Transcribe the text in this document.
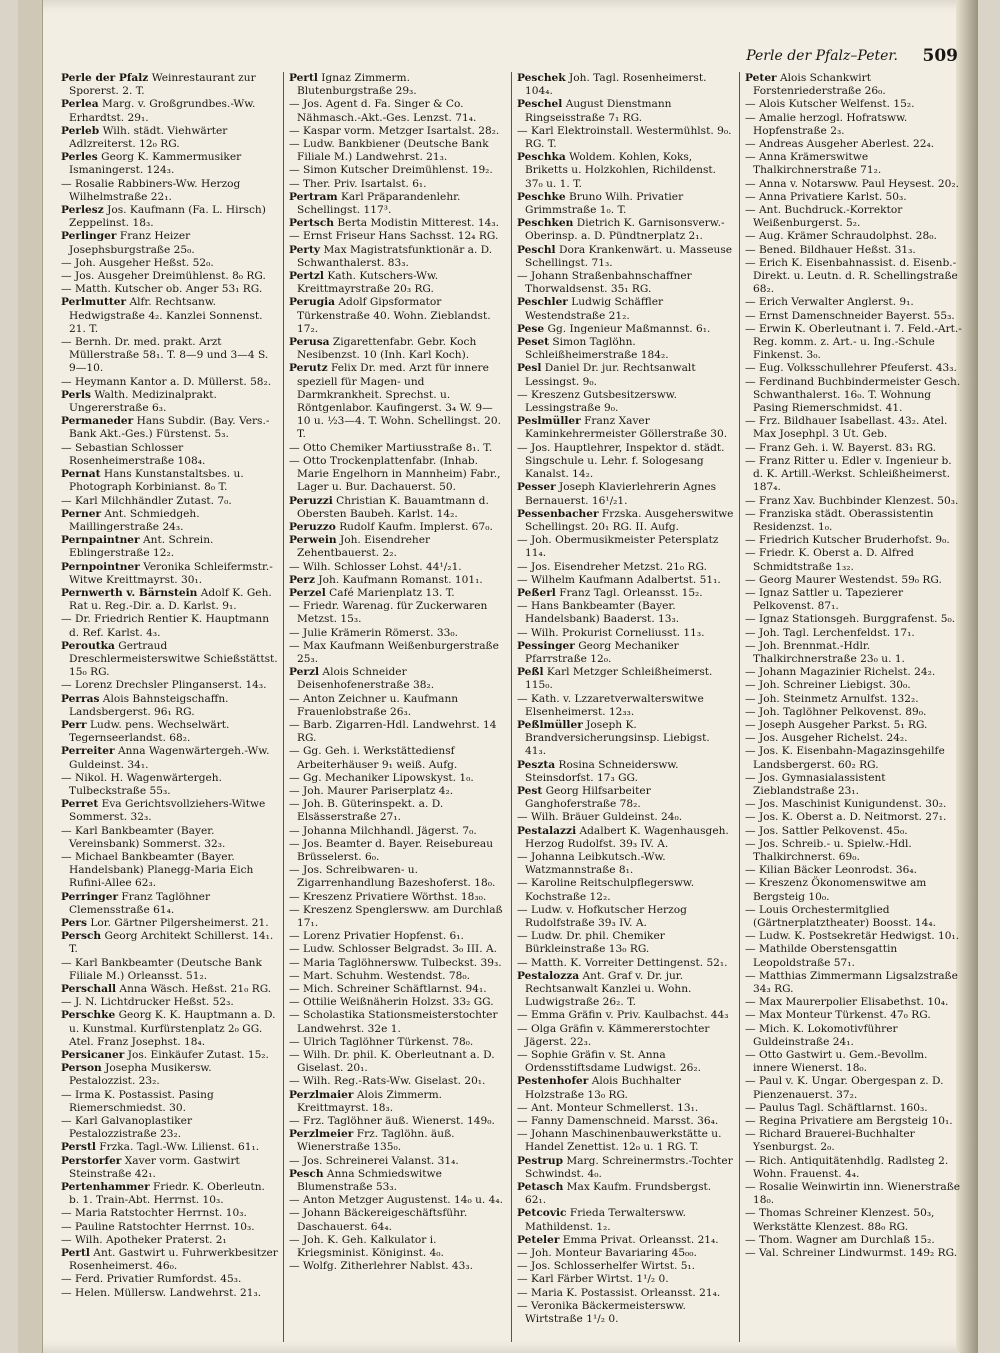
Perle der Pfalz–Peter. 509

Perle der Pfalz Weinrestaurant zur Sporerst. 2. T.

Perlea Marg. v. Großgrundbes.-Ww. Erhardtst. 29₁.

Perleb Wilh. städt. Viehwärter Adlzreiterst. 12₀ RG.

Perles Georg K. Kammermusiker Ismaningerst. 124₃.

— Rosalie Rabbiners-Ww. Herzog Wilhelmstraße 22₁.

Perlesz Jos. Kaufmann (Fa. L. Hirsch) Zeppelinst. 18₃.

Perlinger Franz Heizer Josephsburgstraße 25₀.

— Joh. Ausgeher Heßst. 52₀.

— Jos. Ausgeher Dreimühlenst. 8₀ RG.

— Matth. Kutscher ob. Anger 53₁ RG.

Perlmutter Alfr. Rechtsanw. Hedwigstraße 4₂. Kanzlei Sonnenst. 21. T.

— Bernh. Dr. med. prakt. Arzt Müllerstraße 58₁. T. 8—9 und 3—4 S. 9—10.

— Heymann Kantor a. D. Müllerst. 58₂.

Perls Walth. Medizinalprakt. Ungererstraße 6₃.

Permaneder Hans Subdir. (Bay. Vers.-Bank Akt.-Ges.) Fürstenst. 5₃.

— Sebastian Schlosser Rosenheimerstraße 108₄.

Pernat Hans Kunstanstaltsbes. u. Photograph Korbinianst. 8₀ T.

— Karl Milchhändler Zutast. 7₀.

Perner Ant. Schmiedgeh. Maillingerstraße 24₃.

Pernpaintner Ant. Schrein. Eblingerstraße 12₂.

Pernpointner Veronika Schleifermstr.-Witwe Kreittmayrst. 30₁.

Pernwerth v. Bärnstein Adolf K. Geh. Rat u. Reg.-Dir. a. D. Karlst. 9₁.

— Dr. Friedrich Rentier K. Hauptmann d. Ref. Karlst. 4₃.

Peroutka Gertraud Dreschlermeisterswitwe Schießstättst. 15₀ RG.

— Lorenz Drechsler Plinganserst. 14₃.

Perras Alois Bahnsteigschaffn. Landsbergerst. 96₁ RG.

Perr Ludw. pens. Wechselwärt. Tegernseerlandst. 68₂.

Perreiter Anna Wagenwärtergeh.-Ww. Guldeinst. 34₁.

— Nikol. H. Wagenwärtergeh. Tulbeckstraße 55₃.

Perret Eva Gerichtsvollziehers-Witwe Sommerst. 32₃.

— Karl Bankbeamter (Bayer. Vereinsbank) Sommerst. 32₃.

— Michael Bankbeamter (Bayer. Handelsbank) Planegg-Maria Eich Rufini-Allee 62₃.

Perringer Franz Taglöhner Clemensstraße 61₄.

Pers Lor. Gärtner Pilgersheimerst. 21.

Persch Georg Architekt Schillerst. 14₁. T.

— Karl Bankbeamter (Deutsche Bank Filiale M.) Orleansst. 51₂.

Perschall Anna Wäsch. Heßst. 21₀ RG.

— J. N. Lichtdrucker Heßst. 52₃.

Perschke Georg K. K. Hauptmann a. D. u. Kunstmal. Kurfürstenplatz 2₀ GG. Atel. Franz Josephst. 18₄.

Persicaner Jos. Einkäufer Zutast. 15₂.

Person Josepha Musikersw. Pestalozzist. 23₂.

— Irma K. Postassist. Pasing Riemerschmiedst. 30.

— Karl Galvanoplastiker Pestalozzistraße 23₂.

Perstl Frzka. Tagl.-Ww. Lilienst. 61₁.

Perstorfer Xaver vorm. Gastwirt Steinstraße 42₁.

Pertenhammer Friedr. K. Oberleutn. b. 1. Train-Abt. Herrnst. 10₃.

— Maria Ratstochter Herrnst. 10₃.

— Pauline Ratstochter Herrnst. 10₃.

— Wilh. Apotheker Praterst. 2₁

Pertl Ant. Gastwirt u. Fuhrwerkbesitzer Rosenheimerst. 46₀.

— Ferd. Privatier Rumfordst. 45₃.

— Helen. Müllersw. Landwehrst. 21₃.

Pertl Ignaz Zimmerm. Blutenburgstraße 29₃.

— Jos. Agent d. Fa. Singer & Co. Nähmasch.-Akt.-Ges. Lenzst. 71₄.

— Kaspar vorm. Metzger Isartalst. 28₂.

— Ludw. Bankbiener (Deutsche Bank Filiale M.) Landwehrst. 21₃.

— Simon Kutscher Dreimühlenst. 19₂.

— Ther. Priv. Isartalst. 6₁.

Pertram Karl Präparandenlehr. Schellingst. 117³.

Pertsch Berta Modistin Mitterest. 14₃.

— Ernst Friseur Hans Sachsst. 12₄ RG.

Perty Max Magistratsfunktionär a. D. Schwanthalerst. 83₃.

Pertzl Kath. Kutschers-Ww. Kreittmayrstraße 20₃ RG.

Perugia Adolf Gipsformator Türkenstraße 40. Wohn. Zieblandst. 17₂.

Perusa Zigarettenfabr. Gebr. Koch Nesibenzst. 10 (Inh. Karl Koch).

Perutz Felix Dr. med. Arzt für innere speziell für Magen- und Darmkrankheit. Sprechst. u. Röntgenlabor. Kaufingerst. 3₄ W. 9—10 u. ½3—4. T. Wohn. Schellingst. 20. T.

— Otto Chemiker Martiusstraße 8₁. T.

— Otto Trockenplattenfabr. (Inhab. Marie Engelhorn in Mannheim) Fabr., Lager u. Bur. Dachauerst. 50.

Peruzzi Christian K. Bauamtmann d. Obersten Baubeh. Karlst. 14₂.

Peruzzo Rudolf Kaufm. Implerst. 67₀.

Perwein Joh. Eisendreher Zehentbauerst. 2₂.

— Wilh. Schlosser Lohst. 44¹/₂1.

Perz Joh. Kaufmann Romanst. 101₁.

Perzel Café Marienplatz 13. T.

— Friedr. Warenag. für Zuckerwaren Metzst. 15₃.

— Julie Krämerin Römerst. 33₀.

— Max Kaufmann Weißenburgerstraße 25₃.

Perzl Alois Schneider Deisenhofenerstraße 38₂.

— Anton Zeichner u. Kaufmann Frauenlobstraße 26₃.

— Barb. Zigarren-Hdl. Landwehrst. 14 RG.

— Gg. Geh. i. Werkstättediensf Arbeiterhäuser 9₁ weiß. Aufg.

— Gg. Mechaniker Lipowskyst. 1₀.

— Joh. Maurer Pariserplatz 4₂.

— Joh. B. Güterinspekt. a. D. Elsässerstraße 27₁.

— Johanna Milchhandl. Jägerst. 7₀.

— Jos. Beamter d. Bayer. Reisebureau Brüsselerst. 6₀.

— Jos. Schreibwaren- u. Zigarrenhandlung Bazeshoferst. 18₀.

— Kreszenz Privatiere Wörthst. 18₃₀.

— Kreszenz Spenglersww. am Durchlaß 17₁.

— Lorenz Privatier Hopfenst. 6₁.

— Ludw. Schlosser Belgradst. 3₀ III. A.

— Maria Taglöhnersww. Tulbeckst. 39₃.

— Mart. Schuhm. Westendst. 78₀.

— Mich. Schreiner Schäftlarnst. 94₁.

— Ottilie Weißnäherin Holzst. 33₂ GG.

— Scholastika Stationsmeisterstochter Landwehrst. 32e 1.

— Ulrich Taglöhner Türkenst. 78₀.

— Wilh. Dr. phil. K. Oberleutnant a. D. Giselast. 20₁.

— Wilh. Reg.-Rats-Ww. Giselast. 20₁.

Perzlmaier Alois Zimmerm. Kreittmayrst. 18₃.

— Frz. Taglöhner äuß. Wienerst. 149₀.

Perzlmeier Frz. Taglöhn. äuß. Wienerstraße 135₀.

— Jos. Schreinerei Valanst. 31₄.

Pesch Anna Schmiedswitwe Blumenstraße 53₃.

— Anton Metzger Augustenst. 14₀ u. 4₄.

— Johann Bäckereigeschäftsführ. Daschauerst. 64₄.

— Joh. K. Geh. Kalkulator i. Kriegsminist. Königinst. 4₀.

— Wolfg. Zitherlehrer Nablst. 43₃.

Peschek Joh. Tagl. Rosenheimerst. 104₄.

Peschel August Dienstmann Ringseisstraße 7₁ RG.

— Karl Elektroinstall. Westermühlst. 9₀. RG. T.

Peschka Woldem. Kohlen, Koks, Briketts u. Holzkohlen, Richildenst. 37₀ u. 1. T.

Peschke Bruno Wilh. Privatier Grimmstraße 1₀. T.

Peschken Dietrich K. Garnisonsverw.-Oberinsp. a. D. Pündtnerplatz 2₁.

Peschl Dora Krankenwärt. u. Masseuse Schellingst. 71₃.

— Johann Straßenbahnschaffner Thorwaldsenst. 35₁ RG.

Peschler Ludwig Schäffler Westendstraße 21₂.

Pese Gg. Ingenieur Maßmannst. 6₁.

Peset Simon Taglöhn. Schleißheimerstraße 184₂.

Pesl Daniel Dr. jur. Rechtsanwalt Lessingst. 9₀.

— Kreszenz Gutsbesitzersww. Lessingstraße 9₀.

Peslmüller Franz Xaver Kaminkehrermeister Göllerstraße 30.

— Jos. Hauptlehrer, Inspektor d. städt. Singschule u. Lehr. f. Sologesang Kanalst. 14₂.

Pesser Joseph Klavierlehrerin Agnes Bernauerst. 16¹/₂1.

Pessenbacher Frzska. Ausgeherswitwe Schellingst. 20₁ RG. II. Aufg.

— Joh. Obermusikmeister Petersplatz 11₄.

— Jos. Eisendreher Metzst. 21₀ RG.

— Wilhelm Kaufmann Adalbertst. 51₁.

Peßerl Franz Tagl. Orleansst. 15₂.

— Hans Bankbeamter (Bayer. Handelsbank) Baaderst. 13₃.

— Wilh. Prokurist Corneliusst. 11₃.

Pessinger Georg Mechaniker Pfarrstraße 12₀.

Peßl Karl Metzger Schleißheimerst. 115₀.

— Kath. v. Lzzaretverwalterswitwe Elsenheimerst. 12₃₃.

Peßlmüller Joseph K. Brandversicherungsinsp. Liebigst. 41₃.

Peszta Rosina Schneidersww. Steinsdorfst. 17₃ GG.

Pest Georg Hilfsarbeiter Ganghoferstraße 78₂.

— Wilh. Bräuer Guldeinst. 24₀.

Pestalazzi Adalbert K. Wagenhausgeh. Herzog Rudolfst. 39₃ IV. A.

— Johanna Leibkutsch.-Ww. Watzmannstraße 8₁.

— Karoline Reitschulpflegersww. Kochstraße 12₂.

— Ludw. v. Hofkutscher Herzog Rudolfstraße 39₃ IV. A.

— Ludw. Dr. phil. Chemiker Bürkleinstraße 13₀ RG.

— Matth. K. Vorreiter Dettingenst. 52₁.

Pestalozza Ant. Graf v. Dr. jur. Rechtsanwalt Kanzlei u. Wohn. Ludwigstraße 26₂. T.

— Emma Gräfin v. Priv. Kaulbachst. 44₃

— Olga Gräfin v. Kämmererstochter Jägerst. 22₃.

— Sophie Gräfin v. St. Anna Ordensstiftsdame Ludwigst. 26₂.

Pestenhofer Alois Buchhalter Holzstraße 13₀ RG.

— Ant. Monteur Schmellerst. 13₁.

— Fanny Damenschneid. Marsst. 36₄.

— Johann Maschinenbauwerkstätte u. Handel Zenettist. 12₀ u. 1 RG. T.

Pestrup Marg. Schreinermstrs.-Tochter Schwindst. 4₀.

Petasch Max Kaufm. Frundsbergst. 62₁.

Petcovic Frieda Terwaltersww. Mathildenst. 1₂.

Peteler Emma Privat. Orleansst. 21₄.

— Joh. Monteur Bavariaring 45₀₀.

— Jos. Schlosserhelfer Wirtst. 5₁.

— Karl Färber Wirtst. 1¹/₂ 0.

— Maria K. Postassist. Orleansst. 21₄.

— Veronika Bäckermeistersww. Wirtstraße 1¹/₂ 0.

Peter Alois Schankwirt Forstenriederstraße 26₀.

— Alois Kutscher Welfenst. 15₂.

— Amalie herzogl. Hofratsww. Hopfenstraße 2₃.

— Andreas Ausgeher Aberlest. 22₄.

— Anna Krämerswitwe Thalkirchnerstraße 71₂.

— Anna v. Notarsww. Paul Heysest. 20₂.

— Anna Privatiere Karlst. 50₃.

— Ant. Buchdruck.-Korrektor Weißenburgerst. 5₂.

— Aug. Krämer Schraudolphst. 28₀.

— Bened. Bildhauer Heßst. 31₃.

— Erich K. Eisenbahnassist. d. Eisenb.-Direkt. u. Leutn. d. R. Schellingstraße 68₂.

— Erich Verwalter Anglerst. 9₁.

— Ernst Damenschneider Bayerst. 55₃.

— Erwin K. Oberleutnant i. 7. Feld.-Art.-Reg. komm. z. Art.- u. Ing.-Schule Finkenst. 3₀.

— Eug. Volksschullehrer Pfeuferst. 43₃.

— Ferdinand Buchbindermeister Gesch. Schwanthalerst. 16₀. T. Wohnung Pasing Riemerschmidst. 41.

— Frz. Bildhauer Isabellast. 43₂. Atel. Max Josephpl. 3 Ut. Geb.

— Franz Geh. i. W. Bayerst. 83₁ RG.

— Franz Ritter u. Edler v. Ingenieur b. d. K. Artill.-Werkst. Schleißheimerst. 187₄.

— Franz Xav. Buchbinder Klenzest. 50₃.

— Franziska städt. Oberassistentin Residenzst. 1₀.

— Friedrich Kutscher Bruderhofst. 9₀.

— Friedr. K. Oberst a. D. Alfred Schmidtstraße 1₃₂.

— Georg Maurer Westendst. 59₀ RG.

— Ignaz Sattler u. Tapezierer Pelkovenst. 87₁.

— Ignaz Stationsgeh. Burggrafenst. 5₀.

— Joh. Tagl. Lerchenfeldst. 17₁.

— Joh. Brennmat.-Hdlr. Thalkirchnerstraße 23₀ u. 1.

— Johann Magazinier Richelst. 24₂.

— Joh. Schreiner Liebigst. 30₀.

— Joh. Steinmetz Arnulfst. 132₂.

— Joh. Taglöhner Pelkovenst. 89₀.

— Joseph Ausgeher Parkst. 5₁ RG.

— Jos. Ausgeher Richelst. 24₂.

— Jos. K. Eisenbahn-Magazinsgehilfe Landsbergerst. 60₂ RG.

— Jos. Gymnasialassistent Zieblandstraße 23₁.

— Jos. Maschinist Kunigundenst. 30₂.

— Jos. K. Oberst a. D. Neitmorst. 27₁.

— Jos. Sattler Pelkovenst. 45₀.

— Jos. Schreib.- u. Spielw.-Hdl. Thalkirchnerst. 69₀.

— Kilian Bäcker Leonrodst. 36₄.

— Kreszenz Ökonomenswitwe am Bergsteig 10₀.

— Louis Orchestermitglied (Gärtnerplatztheater) Boosst. 14₄.

— Ludw. K. Postsekretär Hedwigst. 10₁.

— Mathilde Oberstensgattin Leopoldstraße 57₁.

— Matthias Zimmermann Ligsalzstraße 34₃ RG.

— Max Maurerpolier Elisabethst. 10₄.

— Max Monteur Türkenst. 47₀ RG.

— Mich. K. Lokomotivführer Guldeinstraße 24₁.

— Otto Gastwirt u. Gem.-Bevollm. innere Wienerst. 18₀.

— Paul v. K. Ungar. Obergespan z. D. Pienzenauerst. 37₂.

— Paulus Tagl. Schäftlarnst. 160₃.

— Regina Privatiere am Bergsteig 10₁.

— Richard Brauerei-Buchhalter Ysenburgst. 2₀.

— Rich. Antiquitätenhdlg. Radlsteg 2. Wohn. Frauenst. 4₄.

— Rosalie Weinwirtin inn. Wienerstraße 18₀.

— Thomas Schreiner Klenzest. 50₃, Werkstätte Klenzest. 88₀ RG.

— Thom. Wagner am Durchlaß 15₂.

— Val. Schreiner Lindwurmst. 149₂ RG.
